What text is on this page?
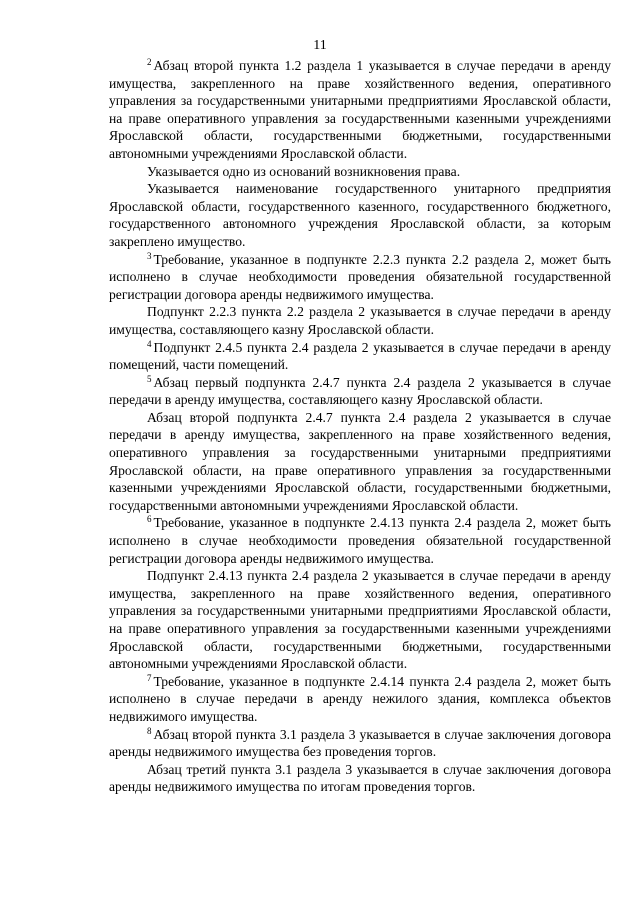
11

$^2$ Абзац второй пункта 1.2 раздела 1 указывается в случае передачи в аренду имущества, закрепленного на праве хозяйственного ведения, оперативного управления за государственными унитарными предприятиями Ярославской области, на праве оперативного управления за государственными казенными учреждениями Ярославской области, государственными бюджетными, государственными автономными учреждениями Ярославской области.

Указывается одно из оснований возникновения права.

Указывается наименование государственного унитарного предприятия Ярославской области, государственного казенного, государственного бюджетного, государственного автономного учреждения Ярославской области, за которым закреплено имущество.

$^3$ Требование, указанное в подпункте 2.2.3 пункта 2.2 раздела 2, может быть исполнено в случае необходимости проведения обязательной государственной регистрации договора аренды недвижимого имущества.

Подпункт 2.2.3 пункта 2.2 раздела 2 указывается в случае передачи в аренду имущества, составляющего казну Ярославской области.

$^4$ Подпункт 2.4.5 пункта 2.4 раздела 2 указывается в случае передачи в аренду помещений, части помещений.

$^5$ Абзац первый подпункта 2.4.7 пункта 2.4 раздела 2 указывается в случае передачи в аренду имущества, составляющего казну Ярославской области.

Абзац второй подпункта 2.4.7 пункта 2.4 раздела 2 указывается в случае передачи в аренду имущества, закрепленного на праве хозяйственного ведения, оперативного управления за государственными унитарными предприятиями Ярославской области, на праве оперативного управления за государственными казенными учреждениями Ярославской области, государственными бюджетными, государственными автономными учреждениями Ярославской области.

$^6$ Требование, указанное в подпункте 2.4.13 пункта 2.4 раздела 2, может быть исполнено в случае необходимости проведения обязательной государственной регистрации договора аренды недвижимого имущества.

Подпункт 2.4.13 пункта 2.4 раздела 2 указывается в случае передачи в аренду имущества, закрепленного на праве хозяйственного ведения, оперативного управления за государственными унитарными предприятиями Ярославской области, на праве оперативного управления за государственными казенными учреждениями Ярославской области, государственными бюджетными, государственными автономными учреждениями Ярославской области.

$^7$ Требование, указанное в подпункте 2.4.14 пункта 2.4 раздела 2, может быть исполнено в случае передачи в аренду нежилого здания, комплекса объектов недвижимого имущества.

$^8$ Абзац второй пункта 3.1 раздела 3 указывается в случае заключения договора аренды недвижимого имущества без проведения торгов.

Абзац третий пункта 3.1 раздела 3 указывается в случае заключения договора аренды недвижимого имущества по итогам проведения торгов.
